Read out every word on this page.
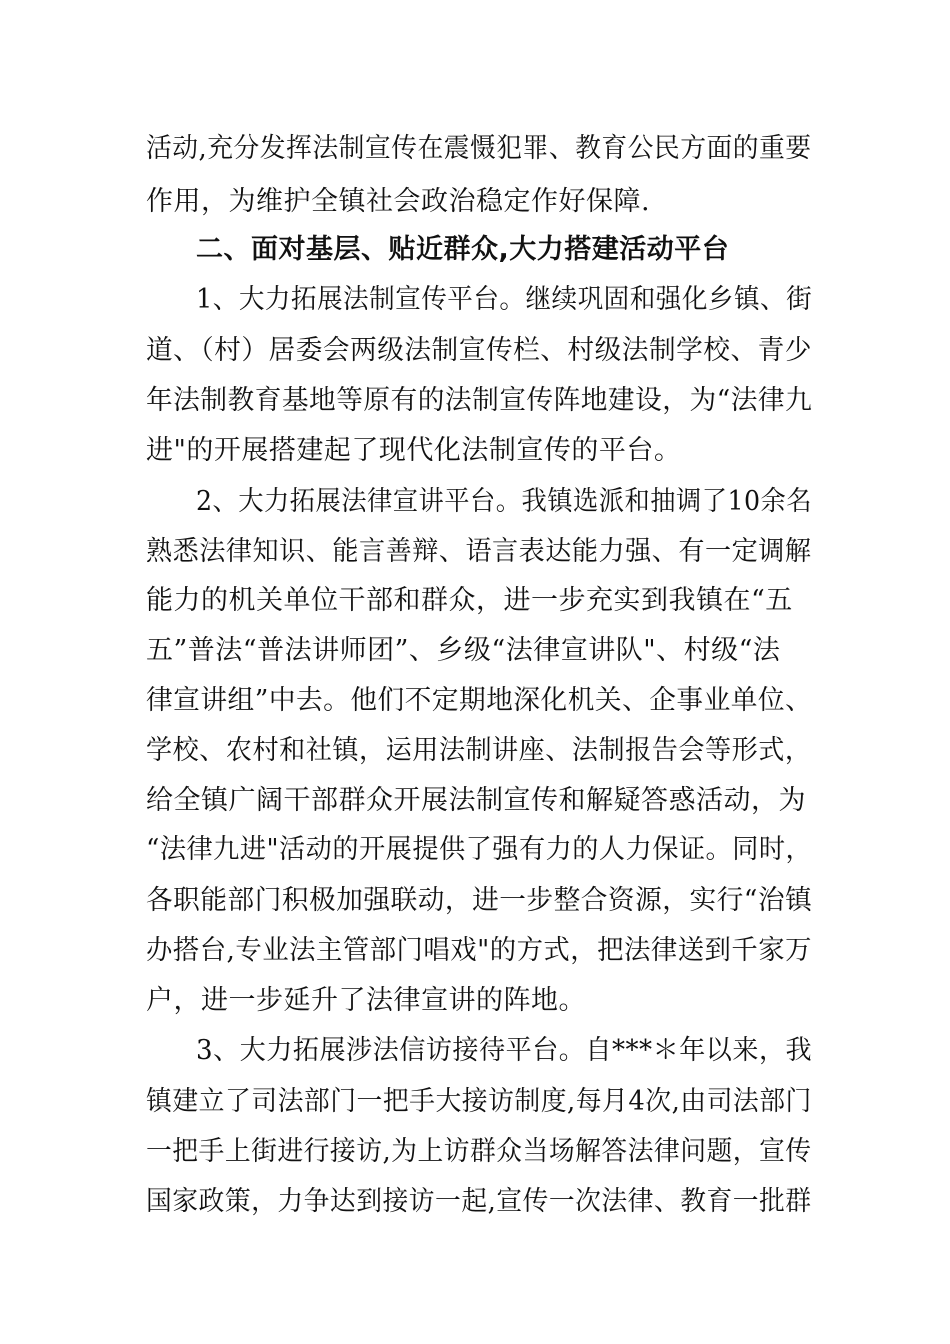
活动,充分发挥法制宣传在震慑犯罪、教育公民方面的重要
作用，为维护全镇社会政治稳定作好保障.
二、面对基层、贴近群众,大力搭建活动平台
1、大力拓展法制宣传平台。继续巩固和强化乡镇、街
道、（村）居委会两级法制宣传栏、村级法制学校、青少
年法制教育基地等原有的法制宣传阵地建设，为“法律九
进"的开展搭建起了现代化法制宣传的平台。
2、大力拓展法律宣讲平台。我镇选派和抽调了10余名
熟悉法律知识、能言善辩、语言表达能力强、有一定调解
能力的机关单位干部和群众，进一步充实到我镇在“五
五”普法“普法讲师团”、乡级“法律宣讲队"、村级“法
律宣讲组”中去。他们不定期地深化机关、企事业单位、
学校、农村和社镇，运用法制讲座、法制报告会等形式，
给全镇广阔干部群众开展法制宣传和解疑答惑活动，为
“法律九进"活动的开展提供了强有力的人力保证。同时，
各职能部门积极加强联动，进一步整合资源，实行“治镇
办搭台,专业法主管部门唱戏"的方式，把法律送到千家万
户，进一步延升了法律宣讲的阵地。
3、大力拓展涉法信访接待平台。自***＊年以来，我
镇建立了司法部门一把手大接访制度,每月4次,由司法部门
一把手上街进行接访,为上访群众当场解答法律问题，宣传
国家政策，力争达到接访一起,宣传一次法律、教育一批群
